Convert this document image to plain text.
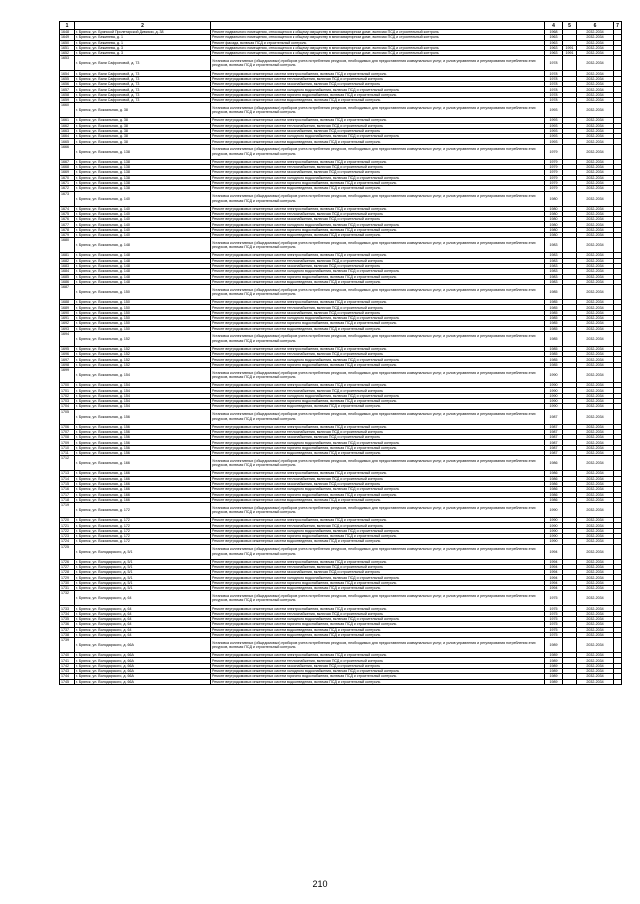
1	2		4	5	6	7
1648	г. Брянск, ул. Брянской Пролетарской Дивизии, д. 38	Ремонт подвального помещения, относящегося к общему имуществу в многоквартирном доме, включая ПСД и строительный контроль	1968		2032-2034	
1649	г. Брянск, ул. Бежинева, д. 1	Ремонт подвального помещения, относящегося к общему имуществу в многоквартирном доме, включая ПСД и строительный контроль	1963		2032-2034	
1650	г. Брянск, ул. Бежинева, д. 1	Ремонт фасада, включая ПСД и строительный контроль	1963		2032-2034	
1651	г. Брянск, ул. Бежинева, д. 3	Ремонт подвального помещения, относящегося к общему имуществу в многоквартирном доме, включая ПСД и строительный контроль	1963	1991	2032-2034	
1652	г. Брянск, ул. Бежинева, д. 3	Ремонт подвального помещения, относящегося к общему имуществу в многоквартирном доме, включая ПСД и строительный контроль	1963	1991	2032-2034	
1653	г. Брянск, ул. Вали Сафроновой, д. 73	Установка коллективных (общедомовых) приборов учета потребления ресурсов, необходимых для предоставления коммунальных услуг, и узлов управления и регулирования потребления этих ресурсов, включая ПСД и строительный контроль	1978		2032-2034	
1654	г. Брянск, ул. Вали Сафроновой, д. 73	Ремонт внутридомовых инженерных систем электроснабжения, включая ПСД и строительный контроль	1978		2032-2034	
1655	г. Брянск, ул. Вали Сафроновой, д. 73	Ремонт внутридомовых инженерных систем теплоснабжения, включая ПСД и строительный контроль	1978		2032-2034	
1656	г. Брянск, ул. Вали Сафроновой, д. 73	Ремонт внутридомовых инженерных систем газоснабжения, включая ПСД и строительный контроль	1978		2032-2034	
1657	г. Брянск, ул. Вали Сафроновой, д. 73	Ремонт внутридомовых инженерных систем холодного водоснабжения, включая ПСД и строительный контроль	1978		2032-2034	
1658	г. Брянск, ул. Вали Сафроновой, д. 73	Ремонт внутридомовых инженерных систем горячего водоснабжения, включая ПСД и строительный контроль	1978		2032-2034	
1659	г. Брянск, ул. Вали Сафроновой, д. 73	Ремонт внутридомовых инженерных систем водоотведения, включая ПСД и строительный контроль	1978		2032-2034	
1660	г. Брянск, ул. Вокзальная, д. 38	Установка коллективных (общедомовых) приборов учета потребления ресурсов, необходимых для предоставления коммунальных услуг, и узлов управления и регулирования потребления этих ресурсов, включая ПСД и строительный контроль	1993		2032-2034	
1661	г. Брянск, ул. Вокзальная, д. 38	Ремонт внутридомовых инженерных систем электроснабжения, включая ПСД и строительный контроль	1993		2032-2034	
1662	г. Брянск, ул. Вокзальная, д. 38	Ремонт внутридомовых инженерных систем теплоснабжения, включая ПСД и строительный контроль	1993		2032-2034	
1663	г. Брянск, ул. Вокзальная, д. 38	Ремонт внутридомовых инженерных систем газоснабжения, включая ПСД и строительный контроль	1993		2032-2034	
1664	г. Брянск, ул. Вокзальная, д. 38	Ремонт внутридомовых инженерных систем холодного водоснабжения, включая ПСД и строительный контроль	1993		2032-2034	
1665	г. Брянск, ул. Вокзальная, д. 38	Ремонт внутридомовых инженерных систем водоотведения, включая ПСД и строительный контроль	1993		2032-2034	
1666	г. Брянск, ул. Вокзальная, д. 138	Установка коллективных (общедомовых) приборов учета потребления ресурсов, необходимых для предоставления коммунальных услуг, и узлов управления и регулирования потребления этих ресурсов, включая ПСД и строительный контроль	1979		2032-2034	
1667	г. Брянск, ул. Вокзальная, д. 138	Ремонт внутридомовых инженерных систем электроснабжения, включая ПСД и строительный контроль	1979		2032-2034	
1668	г. Брянск, ул. Вокзальная, д. 138	Ремонт внутридомовых инженерных систем теплоснабжения, включая ПСД и строительный контроль	1979		2032-2034	
1669	г. Брянск, ул. Вокзальная, д. 138	Ремонт внутридомовых инженерных систем газоснабжения, включая ПСД и строительный контроль	1979		2032-2034	
1670	г. Брянск, ул. Вокзальная, д. 138	Ремонт внутридомовых инженерных систем холодного водоснабжения, включая ПСД и строительный контроль	1979		2032-2034	
1671	г. Брянск, ул. Вокзальная, д. 138	Ремонт внутридомовых инженерных систем горячего водоснабжения, включая ПСД и строительный контроль	1979		2032-2034	
1672	г. Брянск, ул. Вокзальная, д. 138	Ремонт внутридомовых инженерных систем водоотведения, включая ПСД и строительный контроль	1979		2032-2034	
1673	г. Брянск, ул. Вокзальная, д. 140	Установка коллективных (общедомовых) приборов учета потребления ресурсов, необходимых для предоставления коммунальных услуг, и узлов управления и регулирования потребления этих ресурсов, включая ПСД и строительный контроль	1980		2032-2034	
1674	г. Брянск, ул. Вокзальная, д. 140	Ремонт внутридомовых инженерных систем электроснабжения, включая ПСД и строительный контроль	1980		2032-2034	
1675	г. Брянск, ул. Вокзальная, д. 140	Ремонт внутридомовых инженерных систем теплоснабжения, включая ПСД и строительный контроль	1980		2032-2034	
1676	г. Брянск, ул. Вокзальная, д. 140	Ремонт внутридомовых инженерных систем газоснабжения, включая ПСД и строительный контроль	1980		2032-2034	
1677	г. Брянск, ул. Вокзальная, д. 140	Ремонт внутридомовых инженерных систем холодного водоснабжения, включая ПСД и строительный контроль	1980		2032-2034	
1678	г. Брянск, ул. Вокзальная, д. 140	Ремонт внутридомовых инженерных систем горячего водоснабжения, включая ПСД и строительный контроль	1980		2032-2034	
1679	г. Брянск, ул. Вокзальная, д. 140	Ремонт внутридомовых инженерных систем водоотведения, включая ПСД и строительный контроль	1980		2032-2034	
1680	г. Брянск, ул. Вокзальная, д. 148	Установка коллективных (общедомовых) приборов учета потребления ресурсов, необходимых для предоставления коммунальных услуг, и узлов управления и регулирования потребления этих ресурсов, включая ПСД и строительный контроль	1983		2032-2034	
1681	г. Брянск, ул. Вокзальная, д. 148	Ремонт внутридомовых инженерных систем электроснабжения, включая ПСД и строительный контроль	1983		2032-2034	
1682	г. Брянск, ул. Вокзальная, д. 148	Ремонт внутридомовых инженерных систем теплоснабжения, включая ПСД и строительный контроль	1983		2032-2034	
1683	г. Брянск, ул. Вокзальная, д. 148	Ремонт внутридомовых инженерных систем газоснабжения, включая ПСД и строительный контроль	1983		2032-2034	
1684	г. Брянск, ул. Вокзальная, д. 148	Ремонт внутридомовых инженерных систем холодного водоснабжения, включая ПСД и строительный контроль	1983		2032-2034	
1685	г. Брянск, ул. Вокзальная, д. 148	Ремонт внутридомовых инженерных систем горячего водоснабжения, включая ПСД и строительный контроль	1983		2032-2034	
1686	г. Брянск, ул. Вокзальная, д. 148	Ремонт внутридомовых инженерных систем водоотведения, включая ПСД и строительный контроль	1983		2032-2034	
1687	г. Брянск, ул. Вокзальная, д. 150	Установка коллективных (общедомовых) приборов учета потребления ресурсов, необходимых для предоставления коммунальных услуг, и узлов управления и регулирования потребления этих ресурсов, включая ПСД и строительный контроль	1985		2032-2034	
1688	г. Брянск, ул. Вокзальная, д. 150	Ремонт внутридомовых инженерных систем электроснабжения, включая ПСД и строительный контроль	1985		2032-2034	
1689	г. Брянск, ул. Вокзальная, д. 150	Ремонт внутридомовых инженерных систем теплоснабжения, включая ПСД и строительный контроль	1985		2032-2034	
1690	г. Брянск, ул. Вокзальная, д. 150	Ремонт внутридомовых инженерных систем газоснабжения, включая ПСД и строительный контроль	1985		2032-2034	
1691	г. Брянск, ул. Вокзальная, д. 150	Ремонт внутридомовых инженерных систем холодного водоснабжения, включая ПСД и строительный контроль	1985		2032-2034	
1692	г. Брянск, ул. Вокзальная, д. 150	Ремонт внутридомовых инженерных систем горячего водоснабжения, включая ПСД и строительный контроль	1985		2032-2034	
1693	г. Брянск, ул. Вокзальная, д. 150	Ремонт внутридомовых инженерных систем водоотведения, включая ПСД и строительный контроль	1985		2032-2034	
1694	г. Брянск, ул. Вокзальная, д. 152	Установка коллективных (общедомовых) приборов учета потребления ресурсов, необходимых для предоставления коммунальных услуг, и узлов управления и регулирования потребления этих ресурсов, включая ПСД и строительный контроль	1985		2032-2034	
1695	г. Брянск, ул. Вокзальная, д. 152	Ремонт внутридомовых инженерных систем электроснабжения, включая ПСД и строительный контроль	1985		2032-2034	
1696	г. Брянск, ул. Вокзальная, д. 152	Ремонт внутридомовых инженерных систем теплоснабжения, включая ПСД и строительный контроль	1985		2032-2034	
1697	г. Брянск, ул. Вокзальная, д. 152	Ремонт внутридомовых инженерных систем холодного водоснабжения, включая ПСД и строительный контроль	1985		2032-2034	
1698	г. Брянск, ул. Вокзальная, д. 152	Ремонт внутридомовых инженерных систем горячего водоснабжения, включая ПСД и строительный контроль	1985		2032-2034	
1699	г. Брянск, ул. Вокзальная, д. 154	Установка коллективных (общедомовых) приборов учета потребления ресурсов, необходимых для предоставления коммунальных услуг, и узлов управления и регулирования потребления этих ресурсов, включая ПСД и строительный контроль	1990		2032-2034	
1700	г. Брянск, ул. Вокзальная, д. 154	Ремонт внутридомовых инженерных систем электроснабжения, включая ПСД и строительный контроль	1990		2032-2034	
1701	г. Брянск, ул. Вокзальная, д. 154	Ремонт внутридомовых инженерных систем теплоснабжения, включая ПСД и строительный контроль	1990		2032-2034	
1702	г. Брянск, ул. Вокзальная, д. 154	Ремонт внутридомовых инженерных систем холодного водоснабжения, включая ПСД и строительный контроль	1990		2032-2034	
1703	г. Брянск, ул. Вокзальная, д. 154	Ремонт внутридомовых инженерных систем горячего водоснабжения, включая ПСД и строительный контроль	1990		2032-2034	
1704	г. Брянск, ул. Вокзальная, д. 154	Ремонт внутридомовых инженерных систем водоотведения, включая ПСД и строительный контроль	1990		2032-2034	
1705	г. Брянск, ул. Вокзальная, д. 156	Установка коллективных (общедомовых) приборов учета потребления ресурсов, необходимых для предоставления коммунальных услуг, и узлов управления и регулирования потребления этих ресурсов, включая ПСД и строительный контроль	1987		2032-2034	
1706	г. Брянск, ул. Вокзальная, д. 156	Ремонт внутридомовых инженерных систем электроснабжения, включая ПСД и строительный контроль	1987		2032-2034	
1707	г. Брянск, ул. Вокзальная, д. 156	Ремонт внутридомовых инженерных систем теплоснабжения, включая ПСД и строительный контроль	1987		2032-2034	
1708	г. Брянск, ул. Вокзальная, д. 156	Ремонт внутридомовых инженерных систем газоснабжения, включая ПСД и строительный контроль	1987		2032-2034	
1709	г. Брянск, ул. Вокзальная, д. 156	Ремонт внутридомовых инженерных систем холодного водоснабжения, включая ПСД и строительный контроль	1987		2032-2034	
1710	г. Брянск, ул. Вокзальная, д. 156	Ремонт внутридомовых инженерных систем горячего водоснабжения, включая ПСД и строительный контроль	1987		2032-2034	
1711	г. Брянск, ул. Вокзальная, д. 156	Ремонт внутридомовых инженерных систем водоотведения, включая ПСД и строительный контроль	1987		2032-2034	
1712	г. Брянск, ул. Вокзальная, д. 166	Установка коллективных (общедомовых) приборов учета потребления ресурсов, необходимых для предоставления коммунальных услуг, и узлов управления и регулирования потребления этих ресурсов, включая ПСД и строительный контроль	1986		2032-2034	
1713	г. Брянск, ул. Вокзальная, д. 166	Ремонт внутридомовых инженерных систем электроснабжения, включая ПСД и строительный контроль	1986		2032-2034	
1714	г. Брянск, ул. Вокзальная, д. 166	Ремонт внутридомовых инженерных систем теплоснабжения, включая ПСД и строительный контроль	1986		2032-2034	
1715	г. Брянск, ул. Вокзальная, д. 166	Ремонт внутридомовых инженерных систем газоснабжения, включая ПСД и строительный контроль	1986		2032-2034	
1716	г. Брянск, ул. Вокзальная, д. 166	Ремонт внутридомовых инженерных систем холодного водоснабжения, включая ПСД и строительный контроль	1986		2032-2034	
1717	г. Брянск, ул. Вокзальная, д. 166	Ремонт внутридомовых инженерных систем горячего водоснабжения, включая ПСД и строительный контроль	1986		2032-2034	
1718	г. Брянск, ул. Вокзальная, д. 166	Ремонт внутридомовых инженерных систем водоотведения, включая ПСД и строительный контроль	1986		2032-2034	
1719	г. Брянск, ул. Вокзальная, д. 172	Установка коллективных (общедомовых) приборов учета потребления ресурсов, необходимых для предоставления коммунальных услуг, и узлов управления и регулирования потребления этих ресурсов, включая ПСД и строительный контроль	1990		2032-2034	
1720	г. Брянск, ул. Вокзальная, д. 172	Ремонт внутридомовых инженерных систем электроснабжения, включая ПСД и строительный контроль	1990		2032-2034	
1721	г. Брянск, ул. Вокзальная, д. 172	Ремонт внутридомовых инженерных систем теплоснабжения, включая ПСД и строительный контроль	1990		2032-2034	
1722	г. Брянск, ул. Вокзальная, д. 172	Ремонт внутридомовых инженерных систем холодного водоснабжения, включая ПСД и строительный контроль	1990		2032-2034	
1723	г. Брянск, ул. Вокзальная, д. 172	Ремонт внутридомовых инженерных систем горячего водоснабжения, включая ПСД и строительный контроль	1990		2032-2034	
1724	г. Брянск, ул. Вокзальная, д. 172	Ремонт внутридомовых инженерных систем водоотведения, включая ПСД и строительный контроль	1990		2032-2034	
1725	г. Брянск, ул. Володарского, д. 5/1	Установка коллективных (общедомовых) приборов учета потребления ресурсов, необходимых для предоставления коммунальных услуг, и узлов управления и регулирования потребления этих ресурсов, включая ПСД и строительный контроль	1994		2032-2034	
1726	г. Брянск, ул. Володарского, д. 5/1	Ремонт внутридомовых инженерных систем электроснабжения, включая ПСД и строительный контроль	1994		2032-2034	
1727	г. Брянск, ул. Володарского, д. 5/1	Ремонт внутридомовых инженерных систем теплоснабжения, включая ПСД и строительный контроль	1994		2032-2034	
1728	г. Брянск, ул. Володарского, д. 5/1	Ремонт внутридомовых инженерных систем газоснабжения, включая ПСД и строительный контроль	1994		2032-2034	
1729	г. Брянск, ул. Володарского, д. 5/1	Ремонт внутридомовых инженерных систем холодного водоснабжения, включая ПСД и строительный контроль	1994		2032-2034	
1730	г. Брянск, ул. Володарского, д. 5/1	Ремонт внутридомовых инженерных систем горячего водоснабжения, включая ПСД и строительный контроль	1994		2032-2034	
1731	г. Брянск, ул. Володарского, д. 5/1	Ремонт внутридомовых инженерных систем водоотведения, включая ПСД и строительный контроль	1994		2032-2034	
1732	г. Брянск, ул. Володарского, д. 64	Установка коллективных (общедомовых) приборов учета потребления ресурсов, необходимых для предоставления коммунальных услуг, и узлов управления и регулирования потребления этих ресурсов, включая ПСД и строительный контроль	1975		2032-2034	
1733	г. Брянск, ул. Володарского, д. 64	Ремонт внутридомовых инженерных систем электроснабжения, включая ПСД и строительный контроль	1975		2032-2034	
1734	г. Брянск, ул. Володарского, д. 64	Ремонт внутридомовых инженерных систем теплоснабжения, включая ПСД и строительный контроль	1975		2032-2034	
1735	г. Брянск, ул. Володарского, д. 64	Ремонт внутридомовых инженерных систем холодного водоснабжения, включая ПСД и строительный контроль	1975		2032-2034	
1736	г. Брянск, ул. Володарского, д. 64	Ремонт внутридомовых инженерных систем горячего водоснабжения, включая ПСД и строительный контроль	1975		2032-2034	
1737	г. Брянск, ул. Володарского, д. 64	Ремонт внутридомовых инженерных систем водоотведения, включая ПСД и строительный контроль	1975		2032-2034	
1738	г. Брянск, ул. Володарского, д. 64	Ремонт внутридомовых инженерных систем водоотведения, включая ПСД и строительный контроль	1975		2032-2034	
1739	г. Брянск, ул. Володарского, д. 66А	Установка коллективных (общедомовых) приборов учета потребления ресурсов, необходимых для предоставления коммунальных услуг, и узлов управления и регулирования потребления этих ресурсов, включая ПСД и строительный контроль	1989		2032-2034	
1740	г. Брянск, ул. Володарского, д. 66А	Ремонт внутридомовых инженерных систем электроснабжения, включая ПСД и строительный контроль	1989		2032-2034	
1741	г. Брянск, ул. Володарского, д. 66А	Ремонт внутридомовых инженерных систем теплоснабжения, включая ПСД и строительный контроль	1989		2032-2034	
1742	г. Брянск, ул. Володарского, д. 66А	Ремонт внутридомовых инженерных систем газоснабжения, включая ПСД и строительный контроль	1989		2032-2034	
1743	г. Брянск, ул. Володарского, д. 66А	Ремонт внутридомовых инженерных систем холодного водоснабжения, включая ПСД и строительный контроль	1989		2032-2034	
1744	г. Брянск, ул. Володарского, д. 66А	Ремонт внутридомовых инженерных систем горячего водоснабжения, включая ПСД и строительный контроль	1989		2032-2034	
1745	г. Брянск, ул. Володарского, д. 66А	Ремонт внутридомовых инженерных систем водоотведения, включая ПСД и строительный контроль	1989		2032-2034	
210
